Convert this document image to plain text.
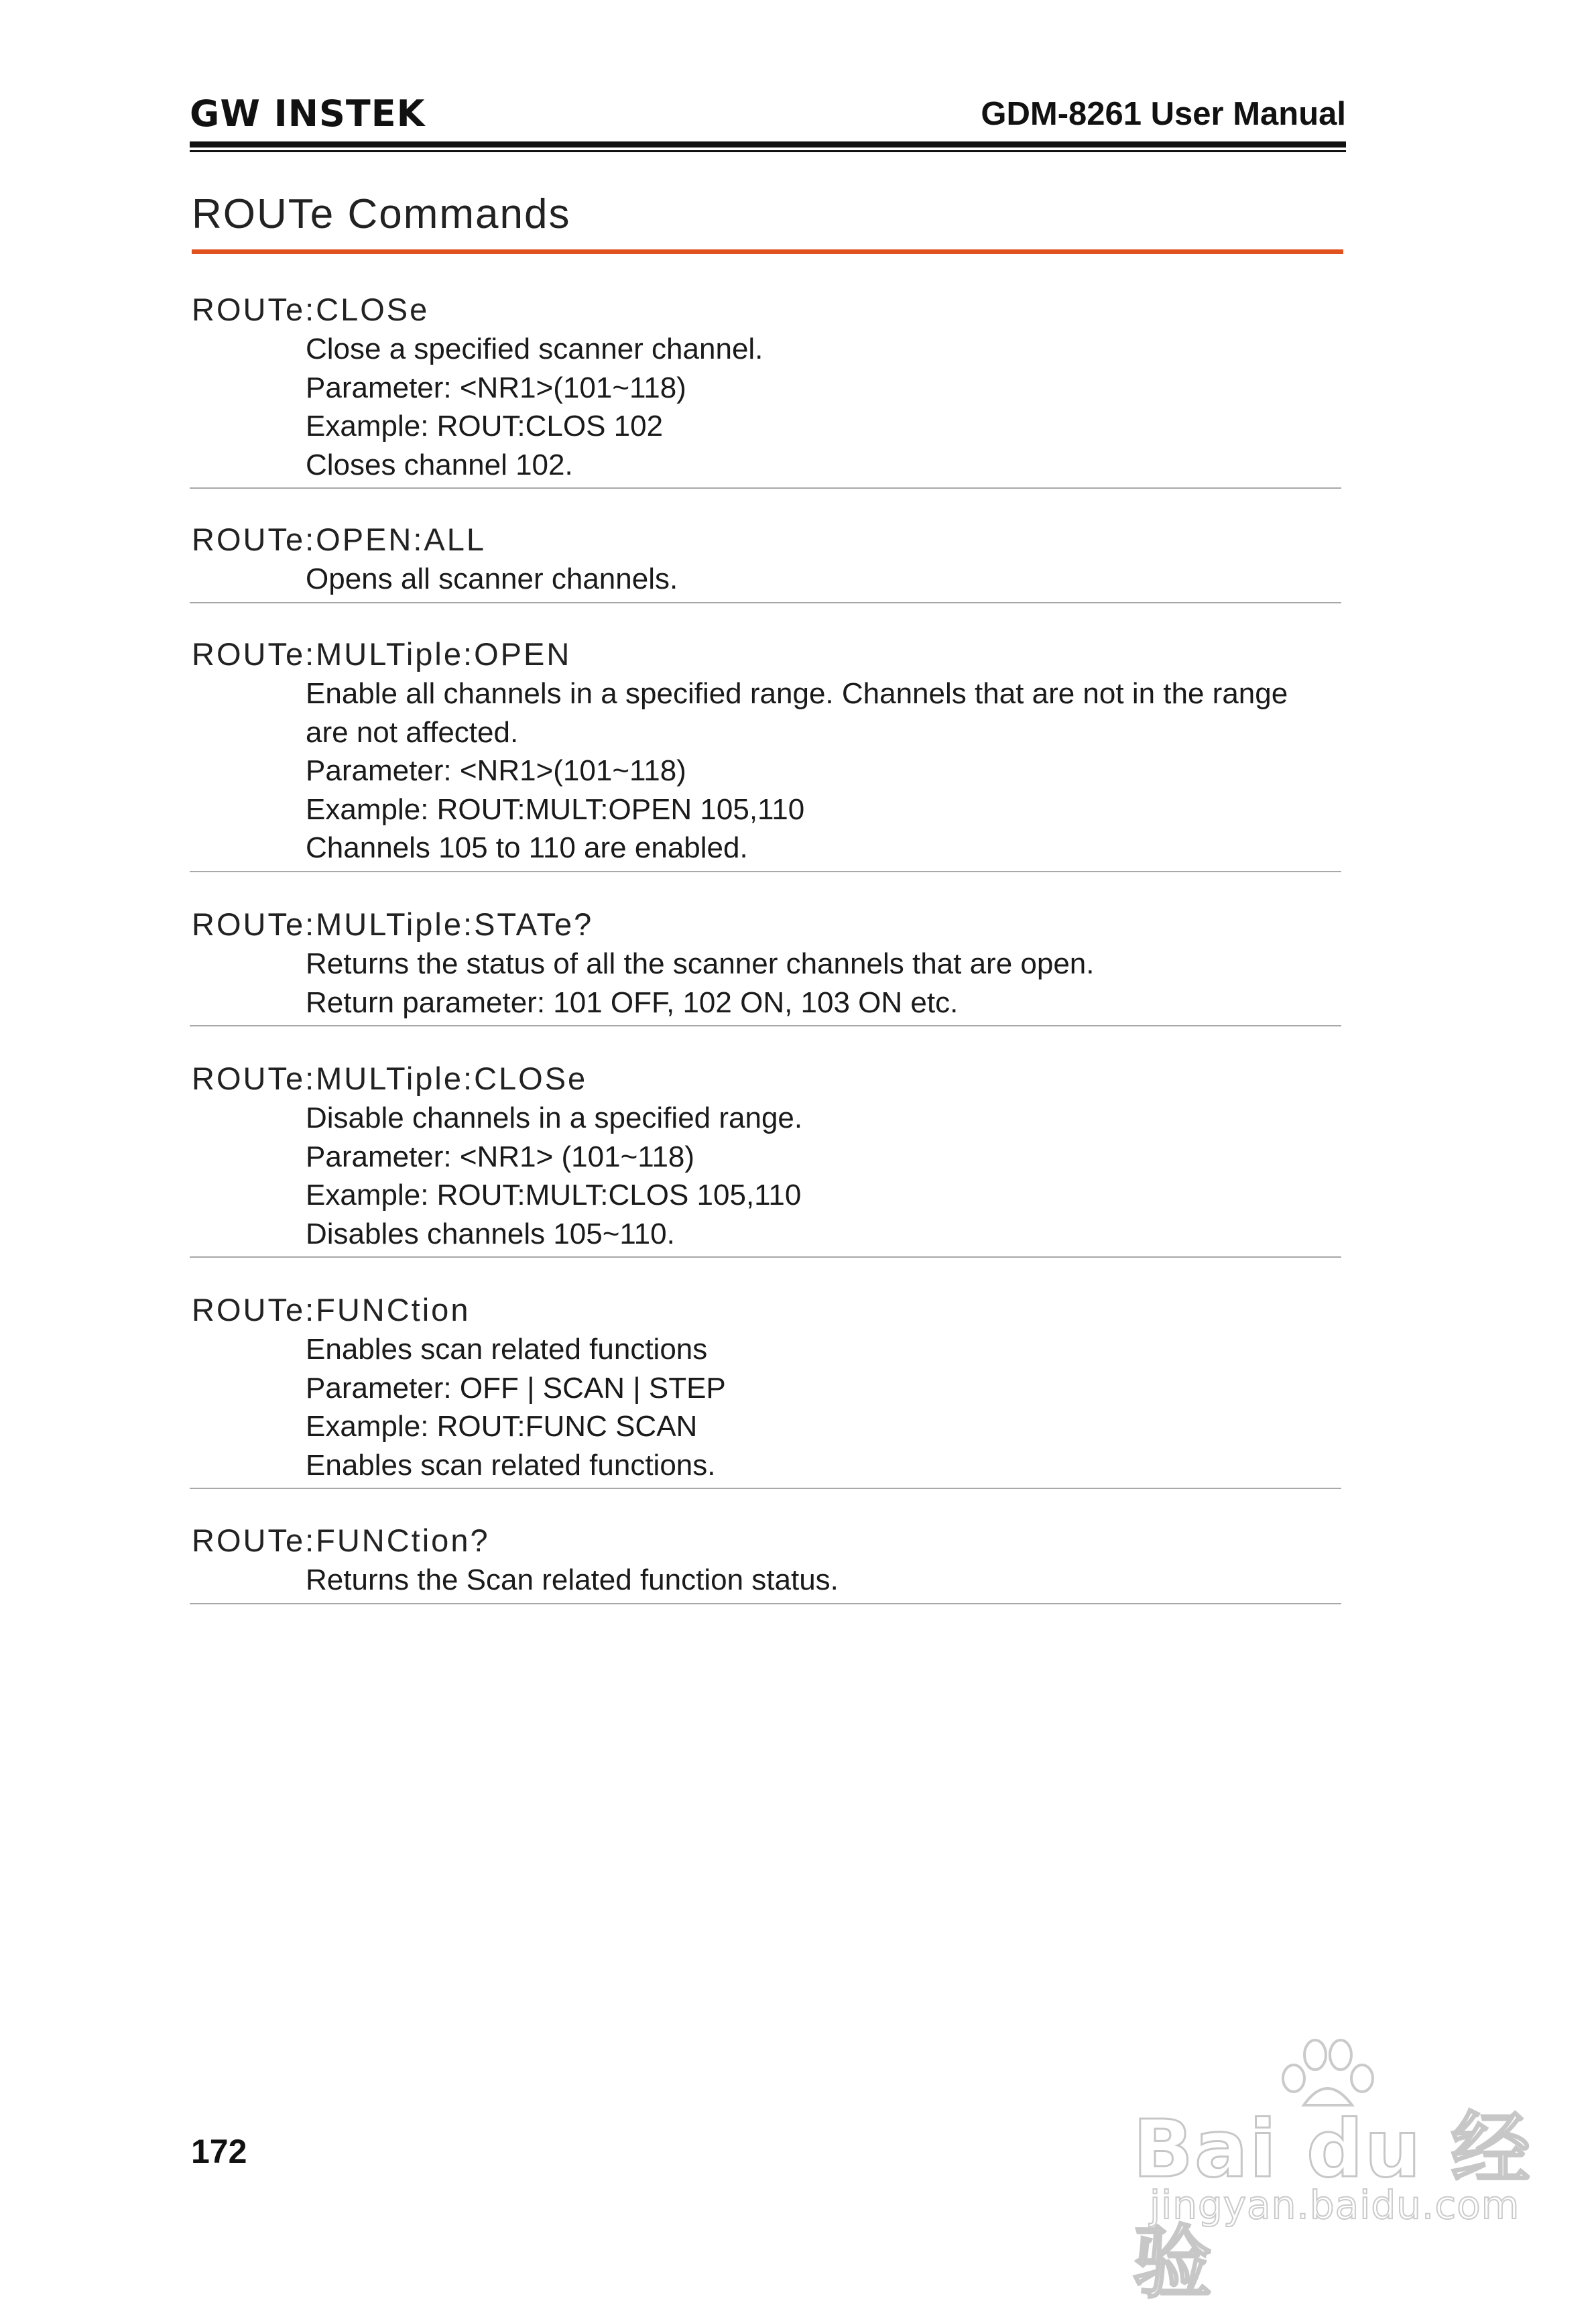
GW INSTEK	GDM-8261 User Manual
ROUTe Commands
ROUTe:CLOSe
Close a specified scanner channel.
Parameter: <NR1>(101~118)
Example: ROUT:CLOS 102
Closes channel 102.
ROUTe:OPEN:ALL
Opens all scanner channels.
ROUTe:MULTiple:OPEN
Enable all channels in a specified range. Channels that are not in the range
are not affected.
Parameter: <NR1>(101~118)
Example: ROUT:MULT:OPEN 105,110
Channels 105 to 110 are enabled.
ROUTe:MULTiple:STATe?
Returns the status of all the scanner channels that are open.
Return parameter: 101 OFF, 102 ON, 103 ON etc.
ROUTe:MULTiple:CLOSe
Disable channels in a specified range.
Parameter: <NR1> (101~118)
Example: ROUT:MULT:CLOS 105,110
Disables channels 105~110.
ROUTe:FUNCtion
Enables scan related functions
Parameter: OFF | SCAN | STEP
Example: ROUT:FUNC SCAN
Enables scan related functions.
ROUTe:FUNCtion?
Returns the Scan related function status.
172	Bai du 经验
jingyan.baidu.com
